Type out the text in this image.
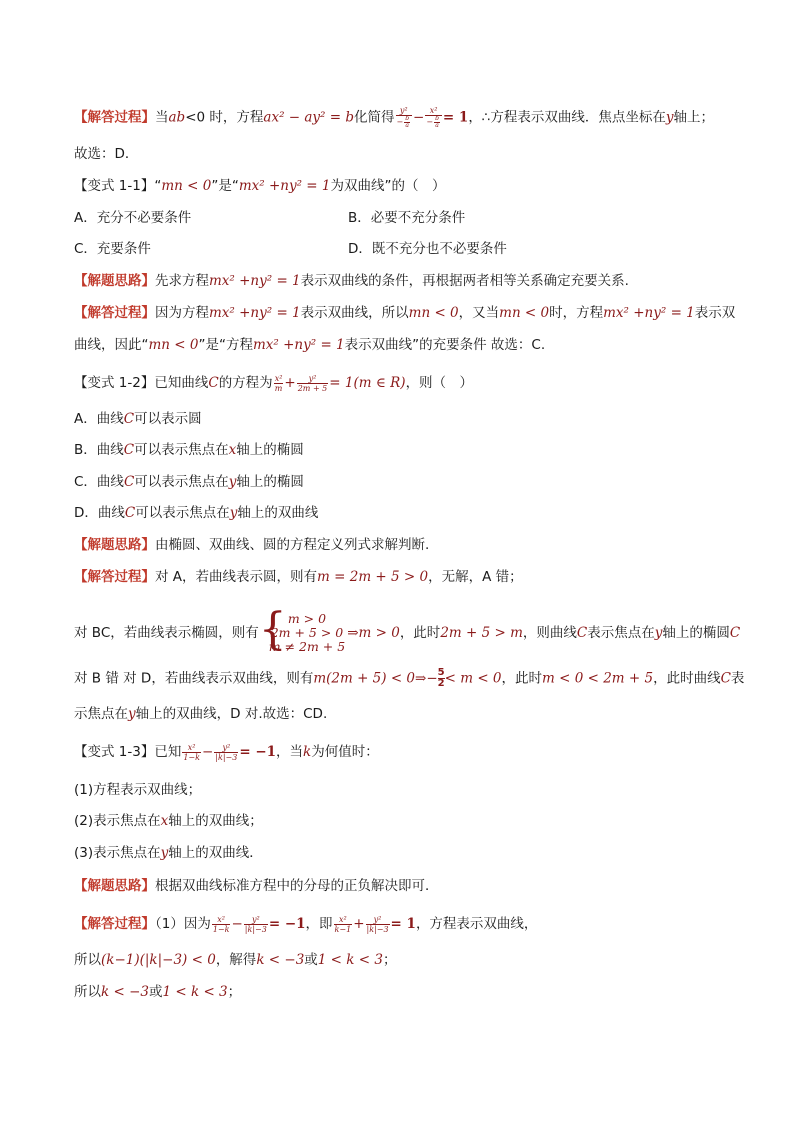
【解答过程】当ab<0 时，方程ax² − ay² = b化简得 $\frac{\text{y²}}{- \frac{b}{a}} - \frac{\text{x²}}{- \frac{b}{a}} = 1$，∴方程表示双曲线．焦点坐标在y轴上；
故选：D．
【变式 1-1】“mn < 0”是“mx² +ny² = 1为双曲线”的（　）
A．充分不必要条件	B．必要不充分条件
C．充要条件	D．既不充分也不必要条件
【解题思路】先求方程mx² +ny² = 1表示双曲线的条件，再根据两者相等关系确定充要关系.
【解答过程】因为方程mx² +ny² = 1表示双曲线，所以mn < 0，又当mn < 0时，方程mx² +ny² = 1表示双
曲线，因此“mn < 0”是“方程mx² +ny² = 1表示双曲线”的充要条件 故选：C.
【变式 1-2】已知曲线C的方程为 $\frac{\text{x²}}{m} + \frac{\text{y²}}{2m + 5} = 1(m$ ∈ R)，则（　）
A．曲线C可以表示圆
B．曲线C可以表示焦点在x轴上的椭圆
C．曲线C可以表示焦点在y轴上的椭圆
D．曲线C可以表示焦点在y轴上的双曲线
【解题思路】由椭圆、双曲线、圆的方程定义列式求解判断.
【解答过程】对 A，若曲线表示圆，则有m = 2m + 5 > 0，无解，A 错；
对 BC，若曲线表示椭圆，则有 { m > 0
2m + 5 > 0
m ≠ 2m + 5
⇒m > 0，此时2m + 5 > m，则曲线C表示焦点在y轴上的椭圆C
对 B 错 对 D，若曲线表示双曲线，则有m(2m + 5) < 0⇒− $\frac{5}{2}< m < 0$，此时m < 0 < 2m + 5，此时曲线C表
示焦点在y轴上的双曲线，D 对.故选：CD.
【变式 1-3】已知 $\frac{\text{x²}}{1-k} - \frac{\text{y²}}{|k|-3} = -1$，当k为何值时：
(1)方程表示双曲线；
(2)表示焦点在x轴上的双曲线；
(3)表示焦点在y轴上的双曲线．
【解题思路】根据双曲线标准方程中的分母的正负解决即可．
【解答过程】（1）因为 $\frac{\text{x²}}{1-k} - \frac{\text{y²}}{|k|-3} = -1$，即 $\frac{\text{x²}}{k-1} + \frac{\text{y²}}{|k|-3} = 1$，方程表示双曲线，
所以(k−1)(|k|−3) < 0，解得k < −3或1 < k < 3；
所以k < −3或1 < k < 3；
